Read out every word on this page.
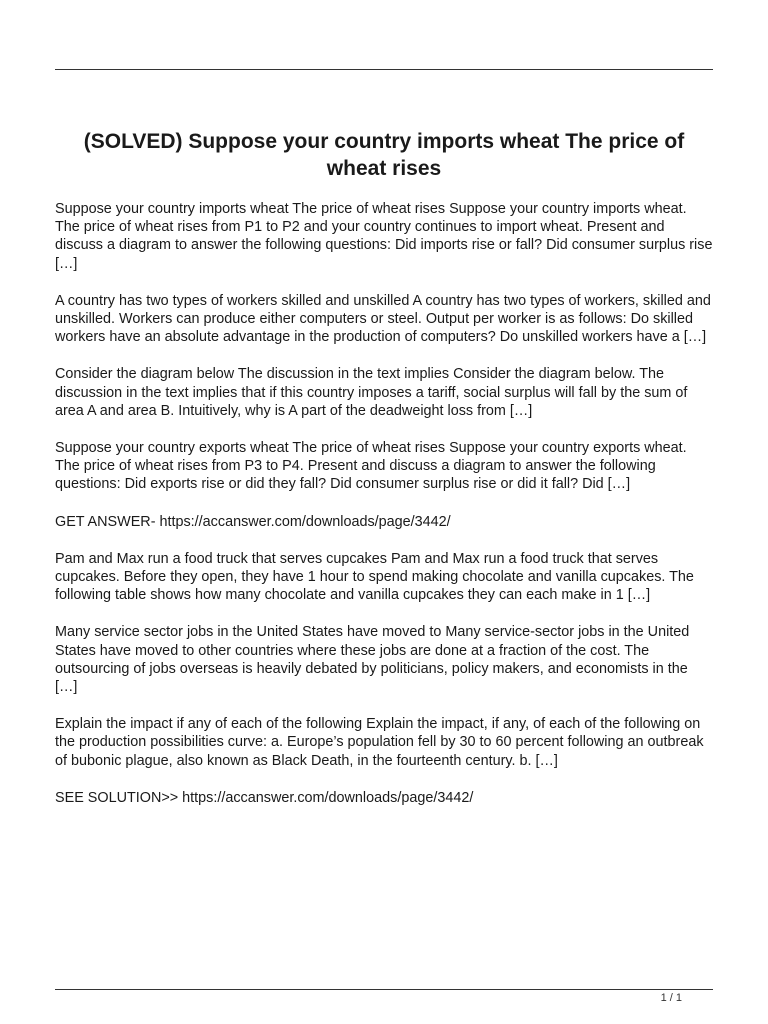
(SOLVED) Suppose your country imports wheat The price of wheat rises

Suppose your country imports wheat The price of wheat rises Suppose your country imports wheat. The price of wheat rises from P1 to P2 and your country continues to import wheat. Present and discuss a diagram to answer the following questions: Did imports rise or fall? Did consumer surplus rise […]

A country has two types of workers skilled and unskilled A country has two types of workers, skilled and unskilled. Workers can produce either computers or steel. Output per worker is as follows: Do skilled workers have an absolute advantage in the production of computers? Do unskilled workers have a […]

Consider the diagram below The discussion in the text implies Consider the diagram below. The discussion in the text implies that if this country imposes a tariff, social surplus will fall by the sum of area A and area B. Intuitively, why is A part of the deadweight loss from […]

Suppose your country exports wheat The price of wheat rises Suppose your country exports wheat. The price of wheat rises from P3 to P4. Present and discuss a diagram to answer the following questions: Did exports rise or did they fall? Did consumer surplus rise or did it fall? Did […]

GET ANSWER- https://accanswer.com/downloads/page/3442/

Pam and Max run a food truck that serves cupcakes Pam and Max run a food truck that serves cupcakes. Before they open, they have 1 hour to spend making chocolate and vanilla cupcakes. The following table shows how many chocolate and vanilla cupcakes they can each make in 1 […]

Many service sector jobs in the United States have moved to Many service-sector jobs in the United States have moved to other countries where these jobs are done at a fraction of the cost. The outsourcing of jobs overseas is heavily debated by politicians, policy makers, and economists in the […]

Explain the impact if any of each of the following Explain the impact, if any, of each of the following on the production possibilities curve: a. Europe’s population fell by 30 to 60 percent following an outbreak of bubonic plague, also known as Black Death, in the fourteenth century. b. […]

SEE SOLUTION>> https://accanswer.com/downloads/page/3442/

1 / 1
